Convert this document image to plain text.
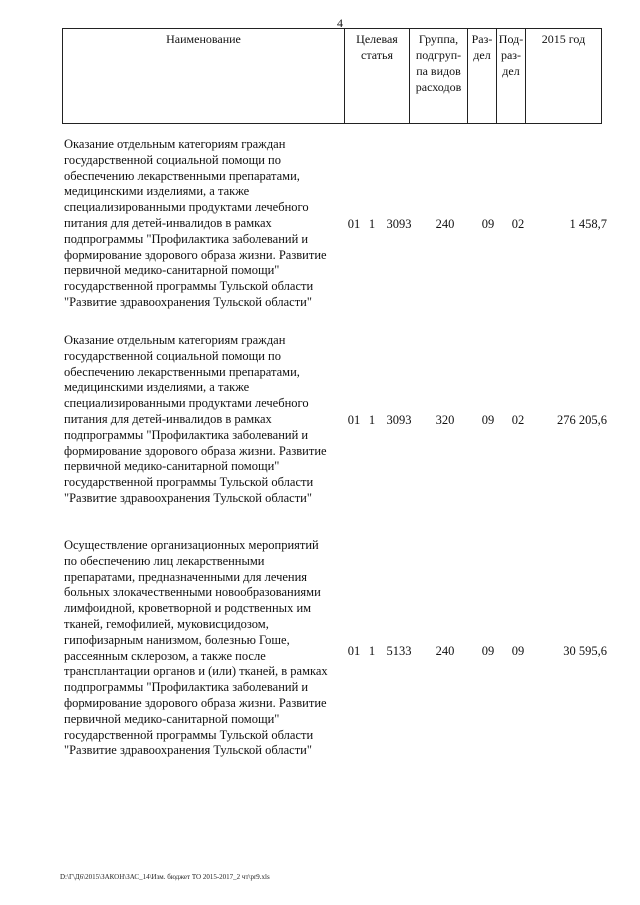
4
Наименование	Целевая статья	Группа, подгруп- па видов расходов	Раз- дел	Под- раз- дел	2015 год
Оказание отдельным категориям граждан
государственной социальной помощи по
обеспечению лекарственными препаратами,
медицинскими изделиями, а также
специализированными продуктами лечебного
питания для детей-инвалидов в рамках
подпрограммы "Профилактика заболеваний и
формирование здорового образа жизни. Развитие
первичной медико-санитарной помощи"
государственной программы Тульской области
"Развитие здравоохранения Тульской области"
01 1 3093	240	09	02	1 458,7
Оказание отдельным категориям граждан
государственной социальной помощи по
обеспечению лекарственными препаратами,
медицинскими изделиями, а также
специализированными продуктами лечебного
питания для детей-инвалидов в рамках
подпрограммы "Профилактика заболеваний и
формирование здорового образа жизни. Развитие
первичной медико-санитарной помощи"
государственной программы Тульской области
"Развитие здравоохранения Тульской области"
01 1 3093	320	09	02	276 205,6
Осуществление организационных мероприятий
по обеспечению лиц лекарственными
препаратами, предназначенными для лечения
больных злокачественными новообразованиями
лимфоидной, кроветворной и родственных им
тканей, гемофилией, муковисцидозом,
гипофизарным нанизмом, болезнью Гоше,
рассеянным склерозом, а также после
трансплантации органов и (или) тканей, в рамках
подпрограммы "Профилактика заболеваний и
формирование здорового образа жизни. Развитие
первичной медико-санитарной помощи"
государственной программы Тульской области
"Развитие здравоохранения Тульской области"
01 1 5133	240	09	09	30 595,6
D:\Г\Д6\2015\ЗАКОН\ЗАС_14\Изм. бюджет ТО 2015-2017_2 чт\pr9.xls
